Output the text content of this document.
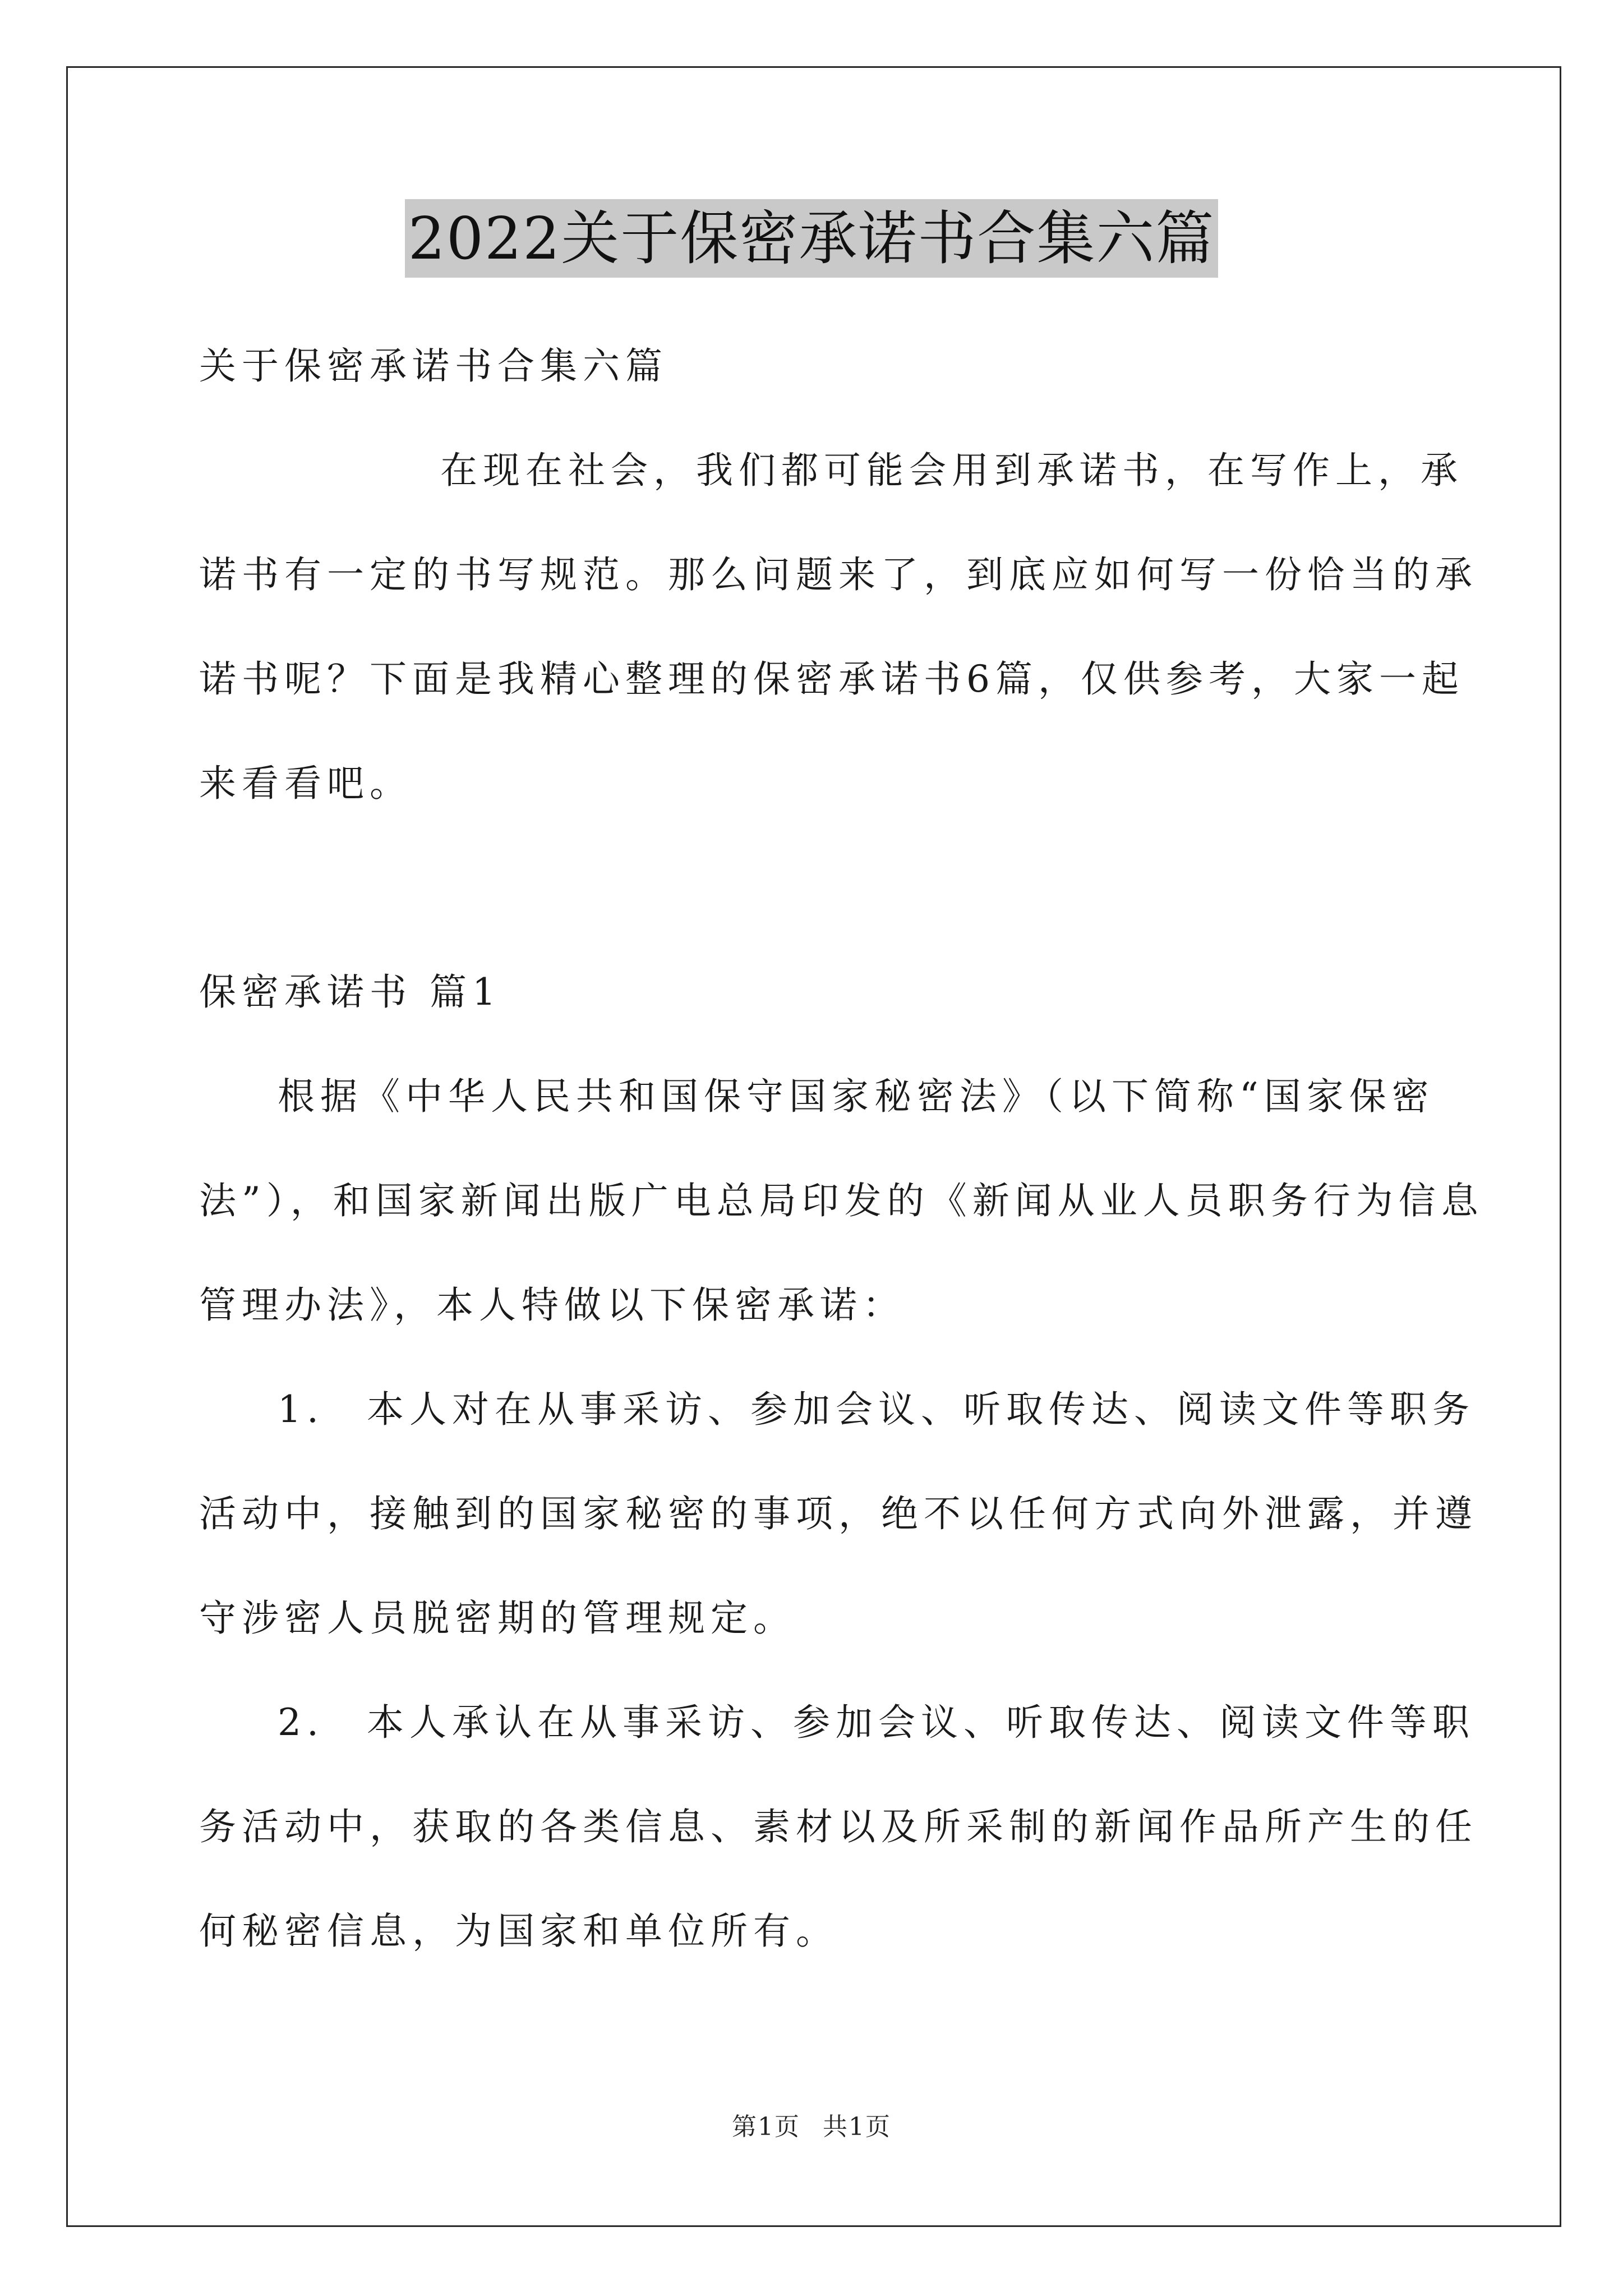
2022关于保密承诺书合集六篇
关于保密承诺书合集六篇
在现在社会，我们都可能会用到承诺书，在写作上，承
诺书有一定的书写规范。那么问题来了，到底应如何写一份恰当的承
诺书呢？下面是我精心整理的保密承诺书6篇，仅供参考，大家一起
来看看吧。
保密承诺书 篇1
根据《中华人民共和国保守国家秘密法》（以下简称“国家保密
法”），和国家新闻出版广电总局印发的《新闻从业人员职务行为信息
管理办法》，本人特做以下保密承诺：
1.　本人对在从事采访、参加会议、听取传达、阅读文件等职务
活动中，接触到的国家秘密的事项，绝不以任何方式向外泄露，并遵
守涉密人员脱密期的管理规定。
2.　本人承认在从事采访、参加会议、听取传达、阅读文件等职
务活动中，获取的各类信息、素材以及所采制的新闻作品所产生的任
何秘密信息，为国家和单位所有。
第1页 共1页
